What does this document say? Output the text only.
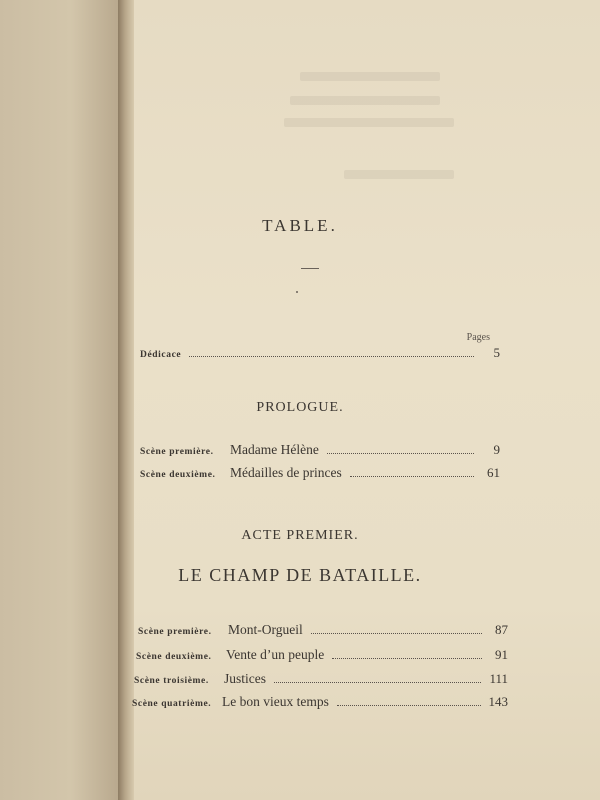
TABLE.
Pages
Dédicace	5
PROLOGUE.
Scène première.	Madame Hélène	9
Scène deuxième.	Médailles de princes	61
ACTE PREMIER.
LE CHAMP DE BATAILLE.
Scène première.	Mont-Orgueil	87
Scène deuxième.	Vente d’un peuple	91
Scène troisième.	Justices	111
Scène quatrième. Le bon vieux temps	143
